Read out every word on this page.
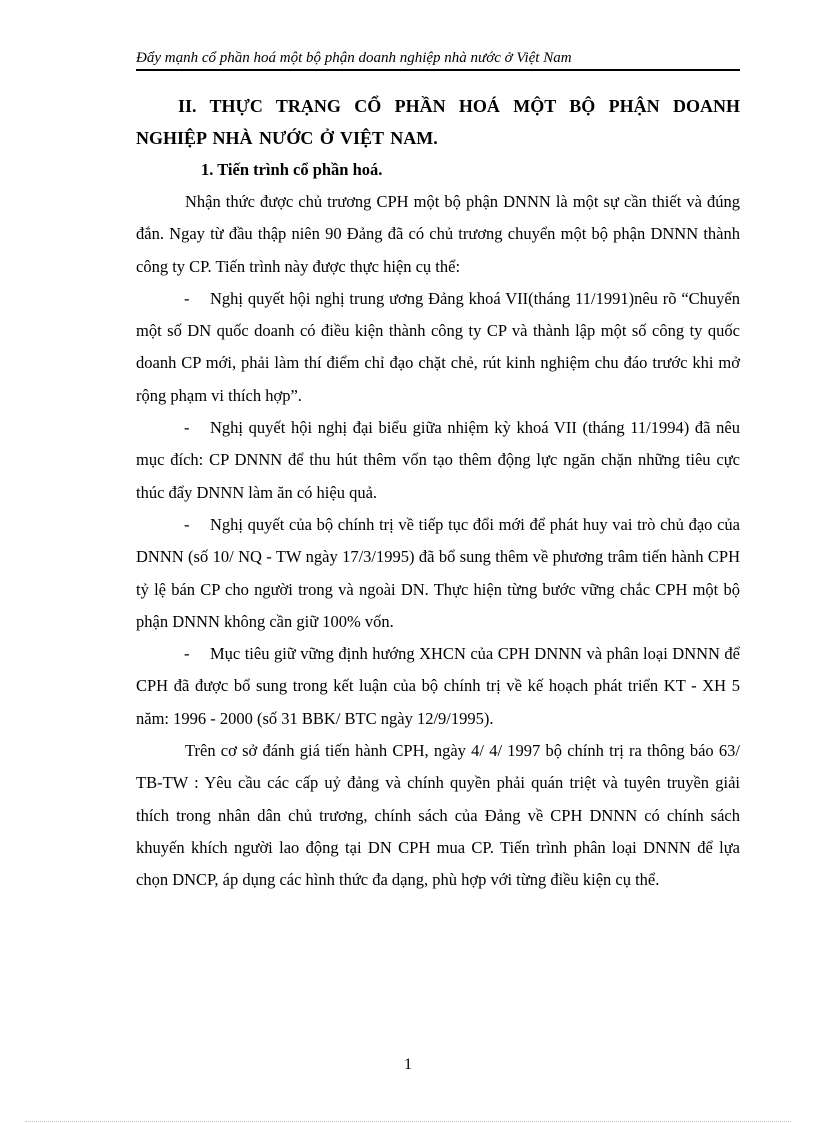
Đẩy mạnh cổ phần hoá một bộ phận doanh nghiệp nhà nước ở Việt Nam

II. THỰC TRẠNG CỔ PHẦN HOÁ MỘT BỘ PHẬN DOANH NGHIỆP NHÀ NƯỚC Ở VIỆT NAM.

1. Tiến trình cổ phần hoá.

Nhận thức được chủ trương CPH một bộ phận DNNN là một sự cần thiết và đúng đắn. Ngay từ đầu thập niên 90 Đảng đã có chủ trương chuyển một bộ phận DNNN thành công ty CP. Tiến trình này được thực hiện cụ thể:

- Nghị quyết hội nghị trung ương Đảng khoá VII(tháng 11/1991)nêu rõ “Chuyển một số DN quốc doanh có điều kiện thành công ty CP và thành lập một số công ty quốc doanh CP mới, phải làm thí điểm chỉ đạo chặt chẻ, rút kinh nghiệm chu đáo trước khi mở rộng phạm vi thích hợp”.

- Nghị quyết hội nghị đại biểu giữa nhiệm kỳ khoá VII (tháng 11/1994) đã nêu mục đích: CP DNNN để thu hút thêm vốn tạo thêm động lực ngăn chặn những tiêu cực thúc đẩy DNNN làm ăn có hiệu quả.

- Nghị quyết của bộ chính trị về tiếp tục đổi mới để phát huy vai trò chủ đạo của DNNN (số 10/ NQ - TW ngày 17/3/1995) đã bổ sung thêm về phương trâm tiến hành CPH tỷ lệ bán CP cho người trong và ngoài DN. Thực hiện từng bước vững chắc CPH một bộ phận DNNN không cần giữ 100% vốn.

- Mục tiêu giữ vững định hướng XHCN của CPH DNNN và phân loại DNNN để CPH đã được bổ sung trong kết luận của bộ chính trị về kế hoạch phát triển KT - XH 5 năm: 1996 - 2000 (số 31 BBK/ BTC ngày 12/9/1995).

Trên cơ sở đánh giá tiến hành CPH, ngày 4/ 4/ 1997 bộ chính trị ra thông báo 63/ TB-TW : Yêu cầu các cấp uỷ đảng và chính quyền phải quán triệt và tuyên truyền giải thích trong nhân dân chủ trương, chính sách của Đảng về CPH DNNN có chính sách khuyến khích người lao động tại DN CPH mua CP. Tiến trình phân loại DNNN để lựa chọn DNCP, áp dụng các hình thức đa dạng, phù hợp với từng điều kiện cụ thể.

1
